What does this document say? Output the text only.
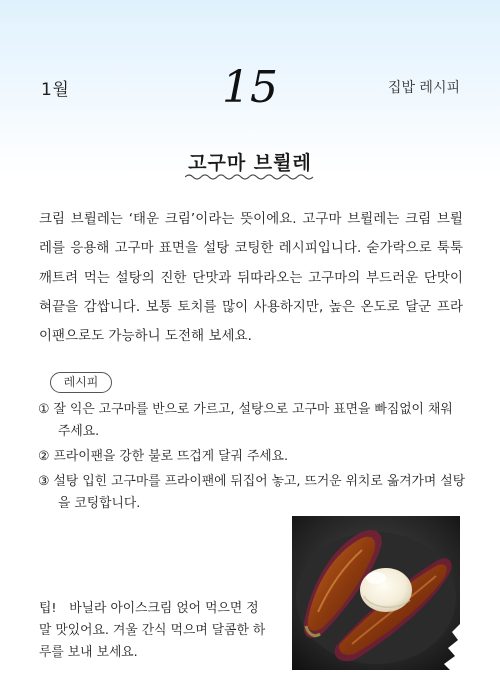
1월	15	집밥 레시피
고구마 브륄레
크림 브륄레는 ‘태운 크림’이라는 뜻이에요. 고구마 브륄레는 크림 브륄레를 응용해 고구마 표면을 설탕 코팅한 레시피입니다. 숟가락으로 툭툭 깨트려 먹는 설탕의 진한 단맛과 뒤따라오는 고구마의 부드러운 단맛이 혀끝을 감쌉니다. 보통 토치를 많이 사용하지만, 높은 온도로 달군 프라이팬으로도 가능하니 도전해 보세요.
레시피
① 잘 익은 고구마를 반으로 가르고, 설탕으로 고구마 표면을 빠짐없이 채워 주세요.
② 프라이팬을 강한 불로 뜨겁게 달궈 주세요.
③ 설탕 입힌 고구마를 프라이팬에 뒤집어 놓고, 뜨거운 위치로 옮겨가며 설탕을 코팅합니다.
팁!　바닐라 아이스크림 얹어 먹으면 정말 맛있어요. 겨울 간식 먹으며 달콤한 하루를 보내 보세요.
